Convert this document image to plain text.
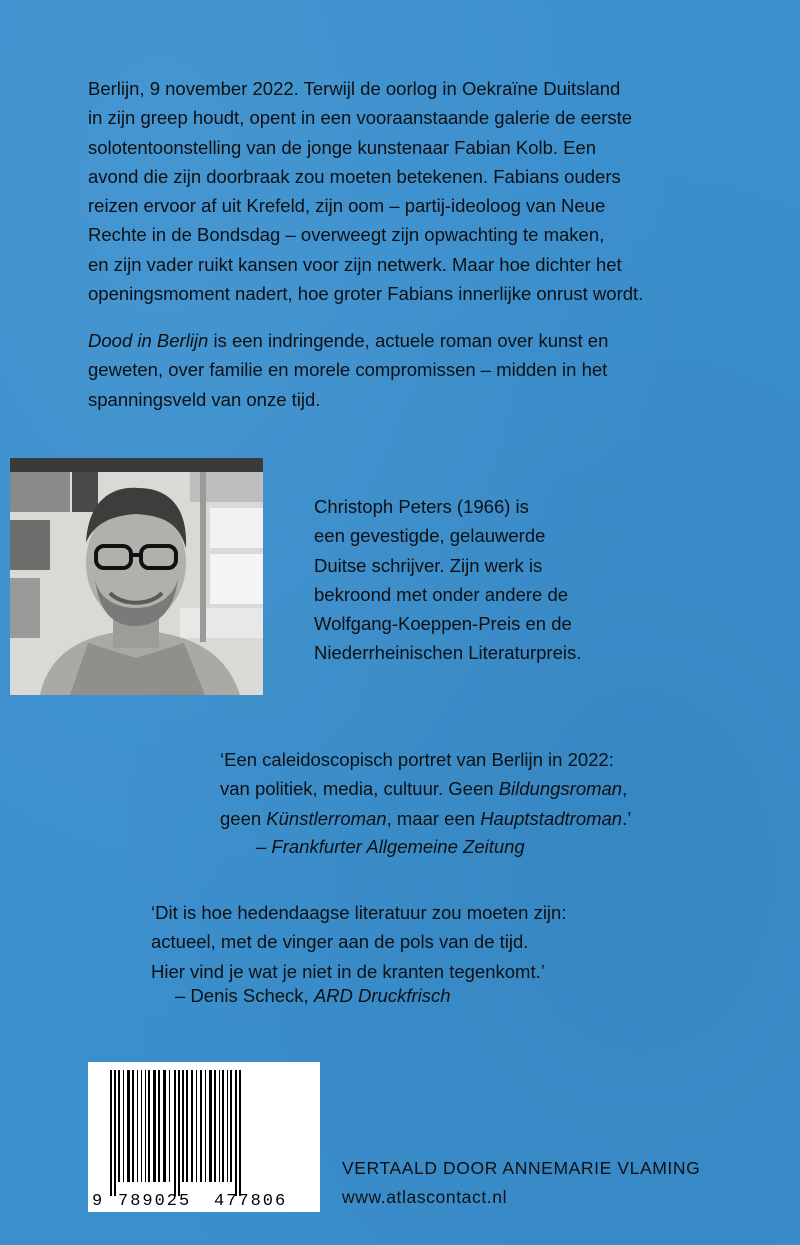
Berlijn, 9 november 2022. Terwijl de oorlog in Oekraïne Duitsland
in zijn greep houdt, opent in een vooraanstaande galerie de eerste
solotentoonstelling van de jonge kunstenaar Fabian Kolb. Een
avond die zijn doorbraak zou moeten betekenen. Fabians ouders
reizen ervoor af uit Krefeld, zijn oom – partij-ideoloog van Neue
Rechte in de Bondsdag – overweegt zijn opwachting te maken,
en zijn vader ruikt kansen voor zijn netwerk. Maar hoe dichter het
openingsmoment nadert, hoe groter Fabians innerlijke onrust wordt.
Dood in Berlijn is een indringende, actuele roman over kunst en
geweten, over familie en morele compromissen – midden in het
spanningsveld van onze tijd.
Christoph Peters (1966) is
een gevestigde, gelauwerde
Duitse schrijver. Zijn werk is
bekroond met onder andere de
Wolfgang-Koeppen-Preis en de
Niederrheinischen Literaturpreis.
‘Een caleidoscopisch portret van Berlijn in 2022:
van politiek, media, cultuur. Geen Bildungsroman,
geen Künstlerroman, maar een Hauptstadtroman.’
– Frankfurter Allgemeine Zeitung
‘Dit is hoe hedendaagse literatuur zou moeten zijn:
actueel, met de vinger aan de pols van de tijd.
Hier vind je wat je niet in de kranten tegenkomt.’
– Denis Scheck, ARD Druckfrisch
9 789025 477806
VERTAALD DOOR ANNEMARIE VLAMING
www.atlascontact.nl
